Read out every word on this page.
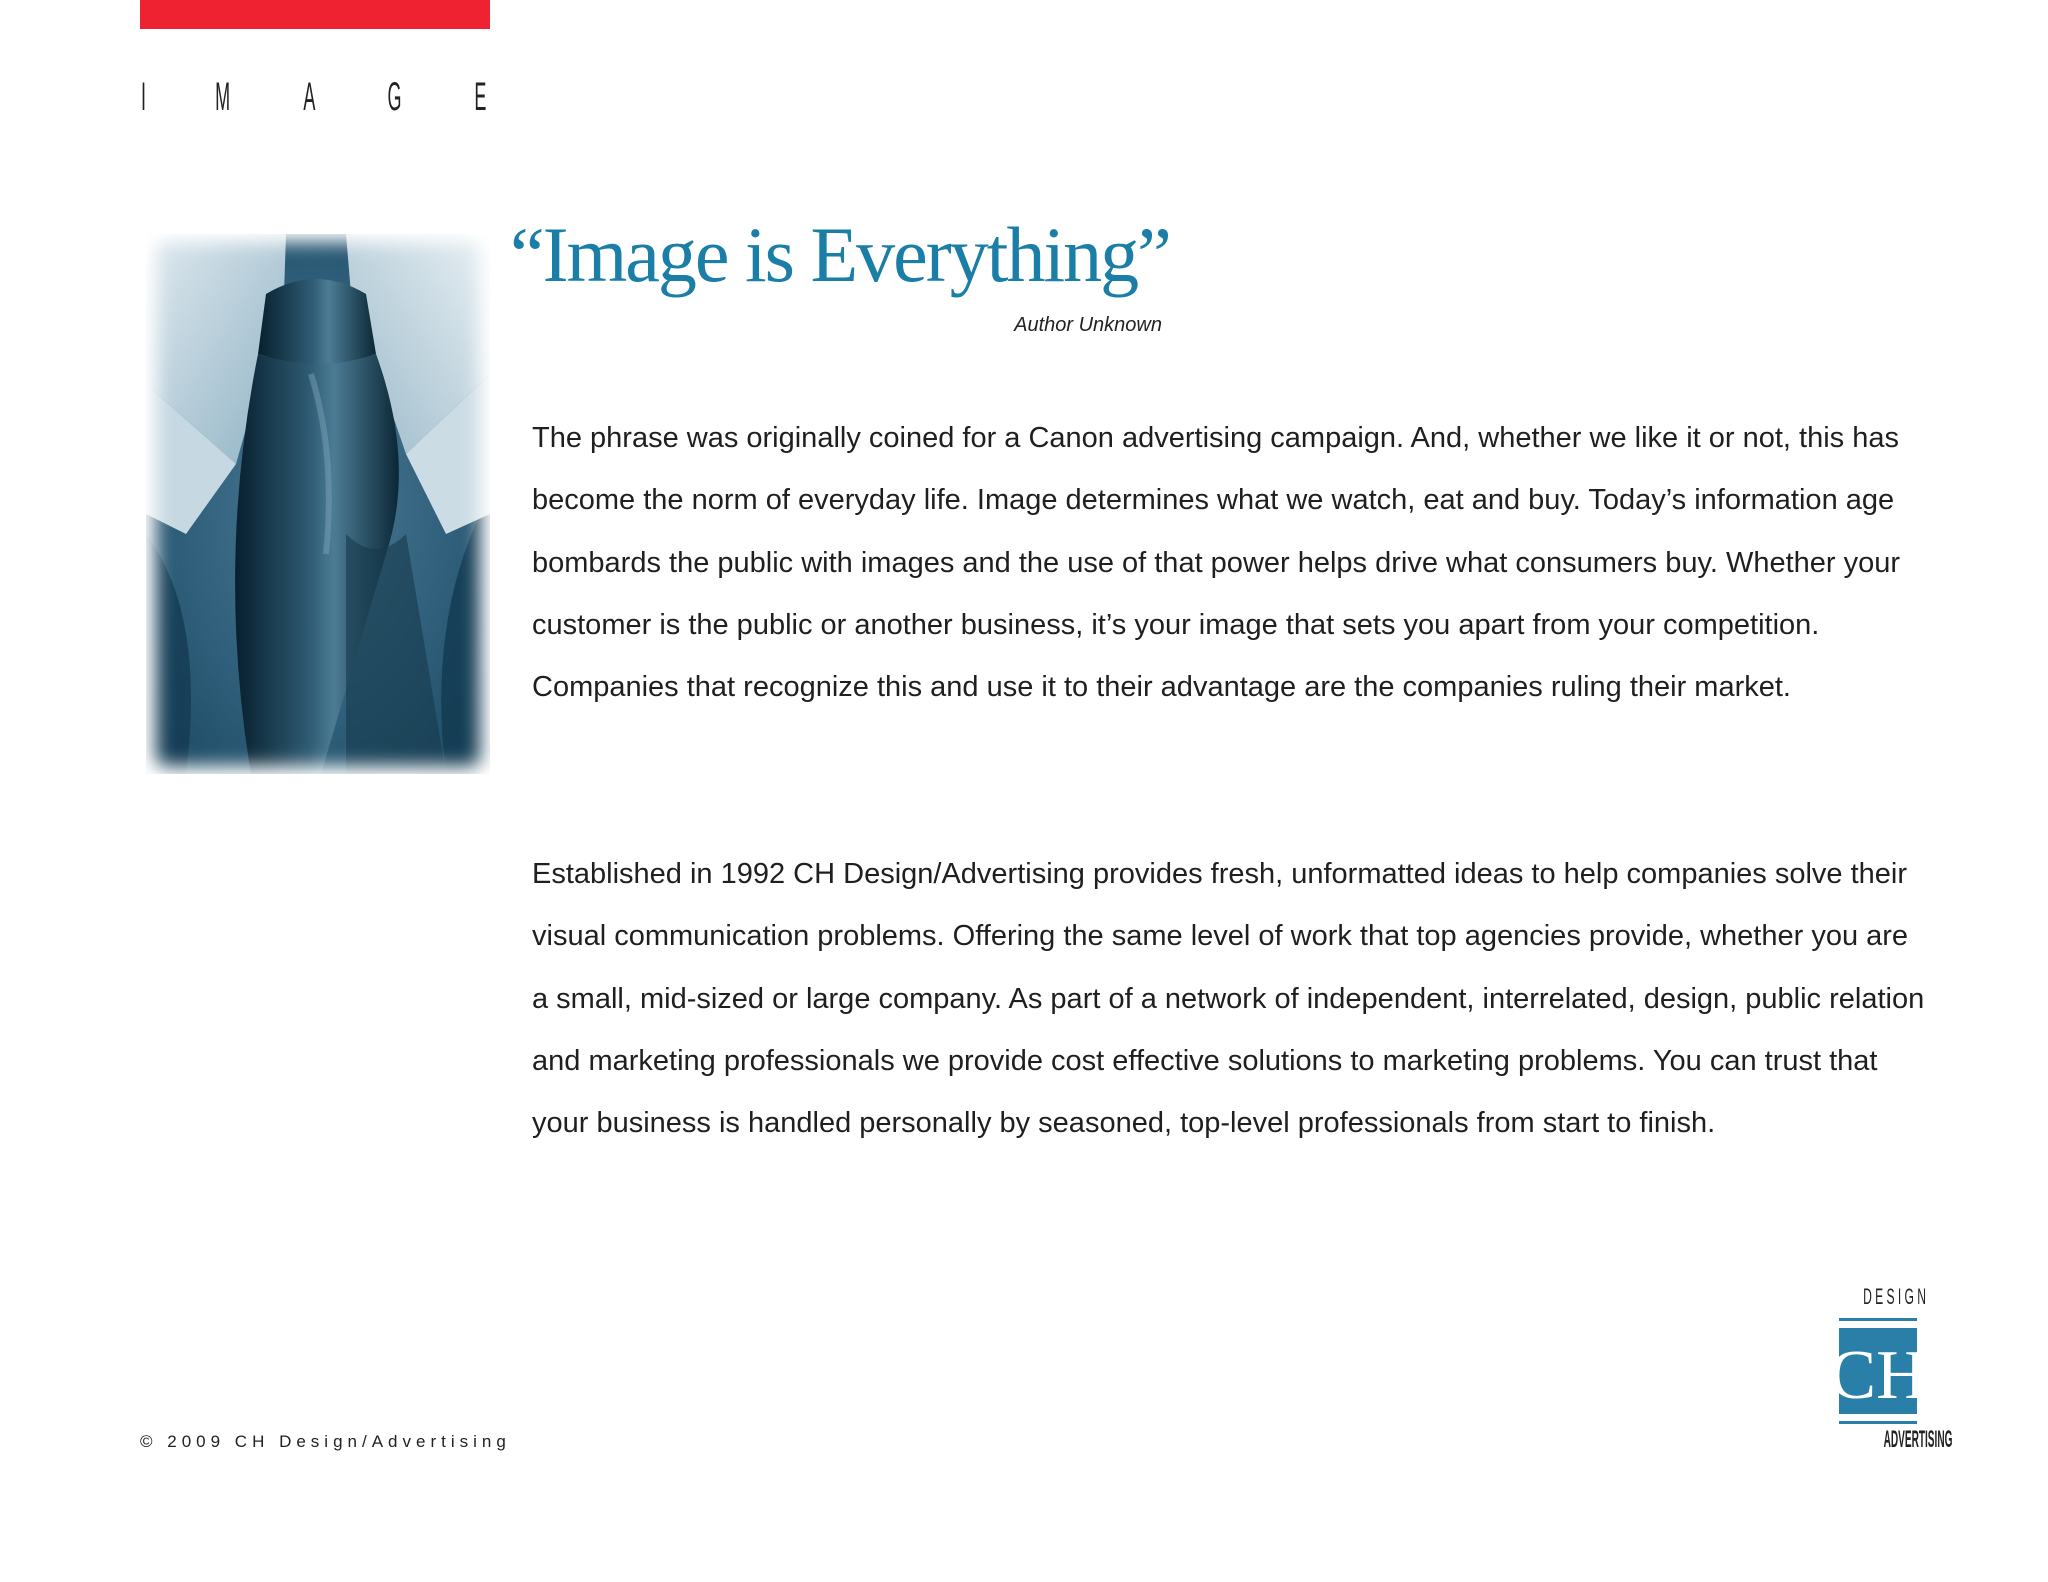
I M A G E
“Image is Everything”

Author Unknown

The phrase was originally coined for a Canon advertising campaign. And, whether we like it or not, this has become the norm of everyday life. Image determines what we watch, eat and buy. Today’s information age bombards the public with images and the use of that power helps drive what consumers buy. Whether your customer is the public or another business, it’s your image that sets you apart from your competition. Companies that recognize this and use it to their advantage are the companies ruling their market.

Established in 1992 CH Design/Advertising provides fresh, unformatted ideas to help companies solve their visual communication problems. Offering the same level of work that top agencies provide, whether you are a small, mid-sized or large company. As part of a network of independent, interrelated, design, public relation and marketing professionals we provide cost effective solutions to marketing problems. You can trust that your business is handled personally by seasoned, top-level professionals from start to finish.

© 2009 CH Design/Advertising

DESIGN
CH
ADVERTISING
